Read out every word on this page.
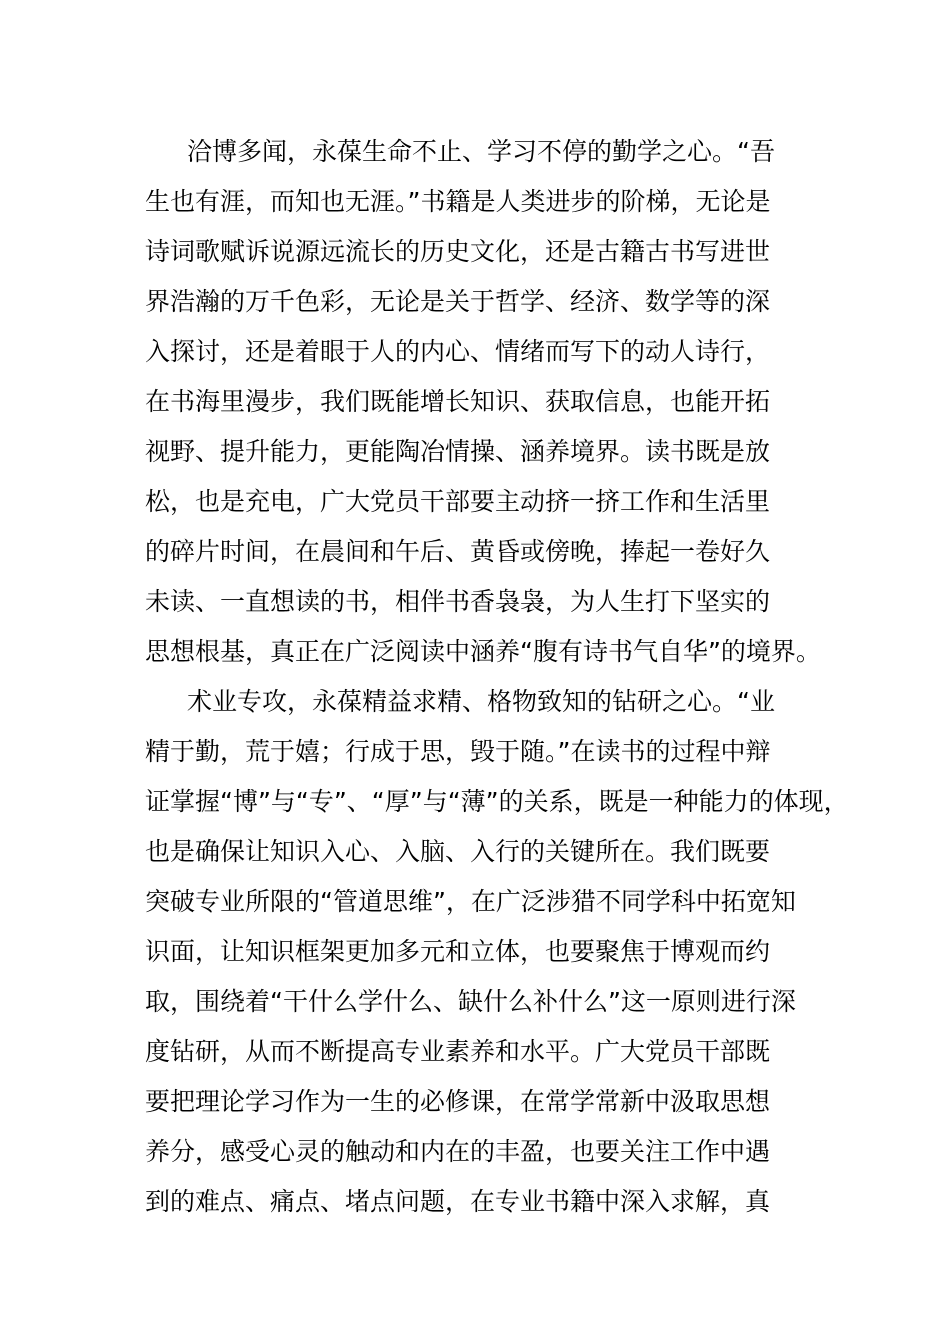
洽博多闻，永葆生命不止、学习不停的勤学之心。“吾
生也有涯，而知也无涯。”书籍是人类进步的阶梯，无论是
诗词歌赋诉说源远流长的历史文化，还是古籍古书写进世
界浩瀚的万千色彩，无论是关于哲学、经济、数学等的深
入探讨，还是着眼于人的内心、情绪而写下的动人诗行，
在书海里漫步，我们既能增长知识、获取信息，也能开拓
视野、提升能力，更能陶冶情操、涵养境界。读书既是放
松，也是充电，广大党员干部要主动挤一挤工作和生活里
的碎片时间，在晨间和午后、黄昏或傍晚，捧起一卷好久
未读、一直想读的书，相伴书香袅袅，为人生打下坚实的
思想根基，真正在广泛阅读中涵养“腹有诗书气自华”的境界。
术业专攻，永葆精益求精、格物致知的钻研之心。“业
精于勤，荒于嬉；行成于思，毁于随。”在读书的过程中辩
证掌握“博”与“专”、“厚”与“薄”的关系，既是一种能力的体现，
也是确保让知识入心、入脑、入行的关键所在。我们既要
突破专业所限的“管道思维”，在广泛涉猎不同学科中拓宽知
识面，让知识框架更加多元和立体，也要聚焦于博观而约
取，围绕着“干什么学什么、缺什么补什么”这一原则进行深
度钻研，从而不断提高专业素养和水平。广大党员干部既
要把理论学习作为一生的必修课，在常学常新中汲取思想
养分，感受心灵的触动和内在的丰盈，也要关注工作中遇
到的难点、痛点、堵点问题，在专业书籍中深入求解，真
